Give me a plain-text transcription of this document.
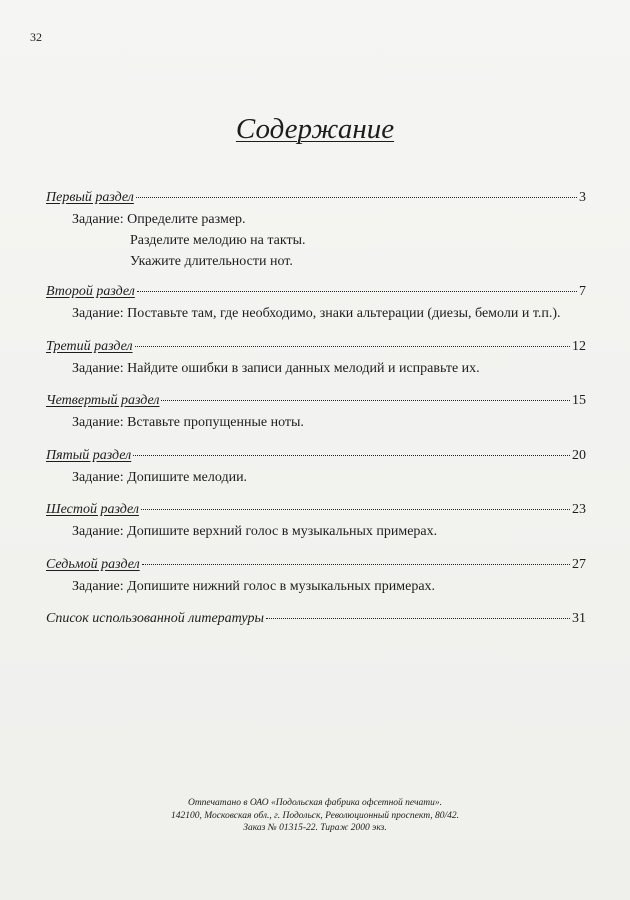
32
Содержание
Первый раздел	3
Задание: Определите размер.
Разделите мелодию на такты.
Укажите длительности нот.
Второй раздел	7
Задание: Поставьте там, где необходимо, знаки альтерации (диезы, бемоли и т.п.).
Третий раздел	12
Задание: Найдите ошибки в записи данных мелодий и исправьте их.
Четвертый раздел	15
Задание: Вставьте пропущенные ноты.
Пятый раздел	20
Задание: Допишите мелодии.
Шестой раздел	23
Задание: Допишите верхний голос в музыкальных примерах.
Седьмой раздел	27
Задание: Допишите нижний голос в музыкальных примерах.
Список использованной литературы	31
Отпечатано в ОАО «Подольская фабрика офсетной печати».
142100, Московская обл., г. Подольск, Революционный проспект, 80/42.
Заказ № 01315-22. Тираж 2000 экз.
